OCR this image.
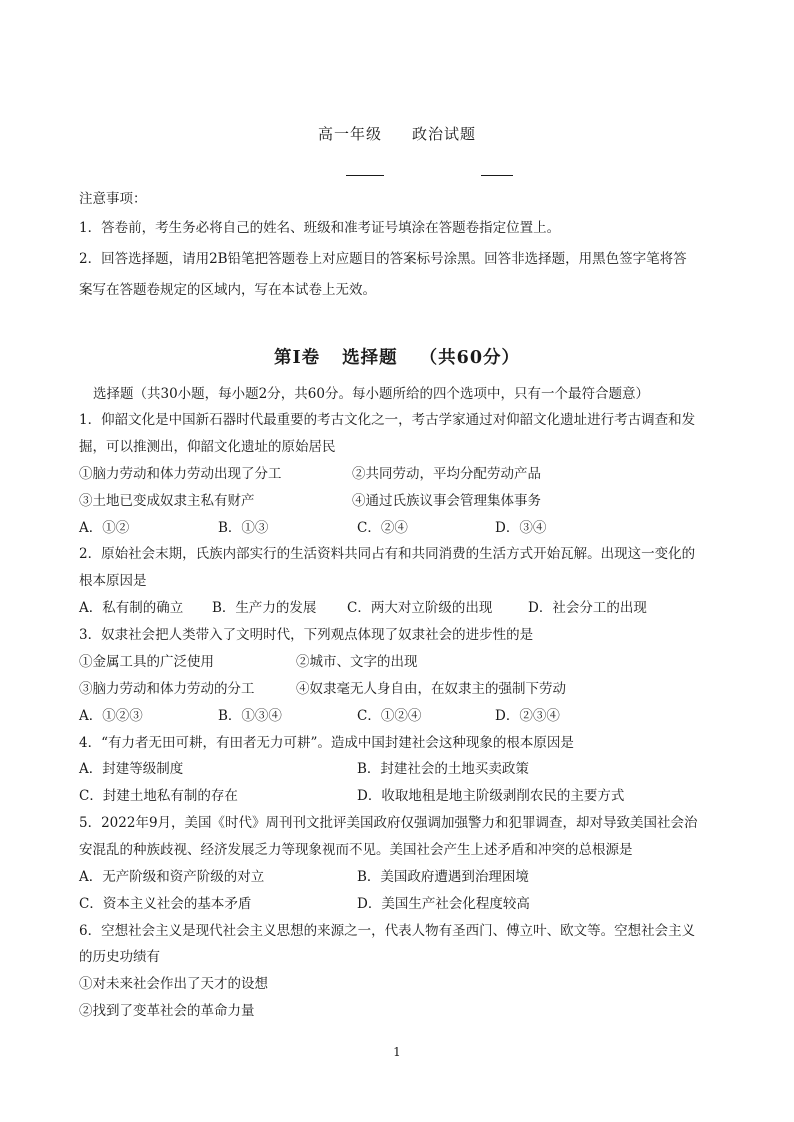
高一年级 政治试题
注意事项：
1．答卷前，考生务必将自己的姓名、班级和准考证号填涂在答题卷指定位置上。
2．回答选择题，请用2B铅笔把答题卷上对应题目的答案标号涂黑。回答非选择题，用黑色签字笔将答
案写在答题卷规定的区域内，写在本试卷上无效。
第Ⅰ卷 选择题 （共60分）
选择题（共30小题，每小题2分，共60分。每小题所给的四个选项中，只有一个最符合题意）
1．仰韶文化是中国新石器时代最重要的考古文化之一，考古学家通过对仰韶文化遗址进行考古调查和发
掘，可以推测出，仰韶文化遗址的原始居民
①脑力劳动和体力劳动出现了分工	②共同劳动，平均分配劳动产品
③土地已变成奴隶主私有财产	④通过氏族议事会管理集体事务
A．①②	B．①③	C．②④	D．③④
2．原始社会末期，氏族内部实行的生活资料共同占有和共同消费的生活方式开始瓦解。出现这一变化的
根本原因是
A．私有制的确立 B．生产力的发展 C．两大对立阶级的出现	D．社会分工的出现
3．奴隶社会把人类带入了文明时代，下列观点体现了奴隶社会的进步性的是
①金属工具的广泛使用	②城市、文字的出现
③脑力劳动和体力劳动的分工	④奴隶毫无人身自由，在奴隶主的强制下劳动
A．①②③	B．①③④	C．①②④	D．②③④
4．“有力者无田可耕，有田者无力可耕”。造成中国封建社会这种现象的根本原因是
A．封建等级制度	B．封建社会的土地买卖政策
C．封建土地私有制的存在	D．收取地租是地主阶级剥削农民的主要方式
5．2022年9月，美国《时代》周刊刊文批评美国政府仅强调加强警力和犯罪调查，却对导致美国社会治
安混乱的种族歧视、经济发展乏力等现象视而不见。美国社会产生上述矛盾和冲突的总根源是
A．无产阶级和资产阶级的对立	B．美国政府遭遇到治理困境
C．资本主义社会的基本矛盾	D．美国生产社会化程度较高
6．空想社会主义是现代社会主义思想的来源之一，代表人物有圣西门、傅立叶、欧文等。空想社会主义
的历史功绩有
①对未来社会作出了天才的设想
②找到了变革社会的革命力量
1
